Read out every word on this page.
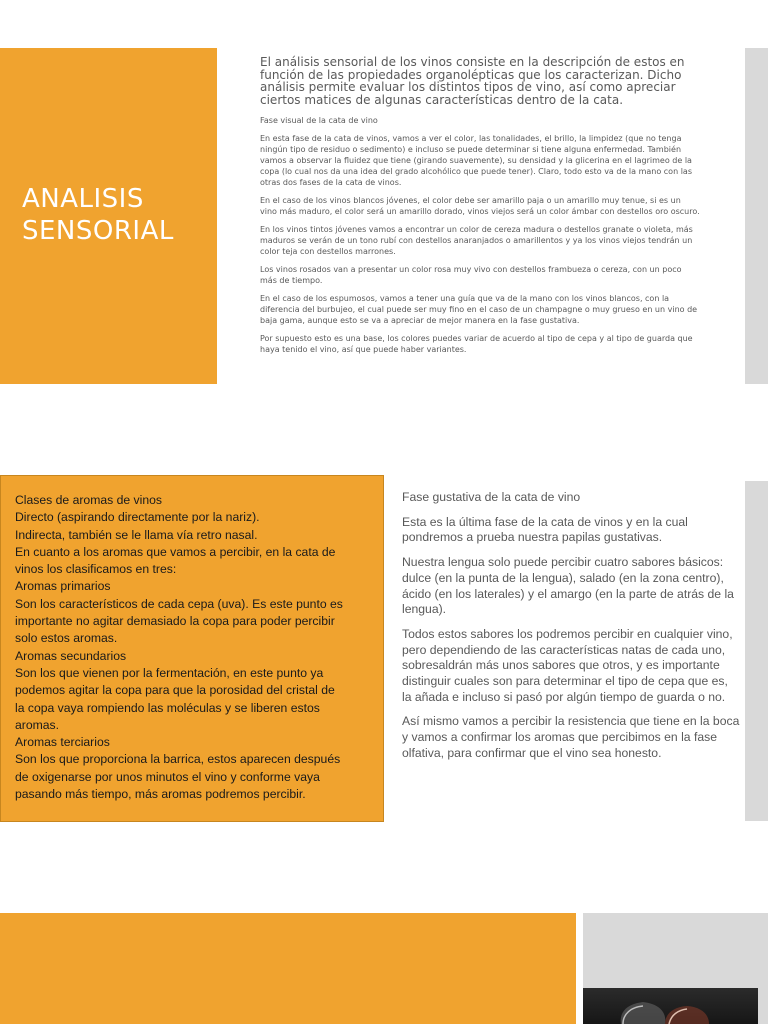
ANALISIS
SENSORIAL
El análisis sensorial de los vinos consiste en la descripción de estos en función de las propiedades organolépticas que los caracterizan. Dicho análisis permite evaluar los distintos tipos de vino, así como apreciar ciertos matices de algunas características dentro de la cata.
Fase visual de la cata de vino
En esta fase de la cata de vinos, vamos a ver el color, las tonalidades, el brillo, la limpidez (que no tenga ningún tipo de residuo o sedimento) e incluso se puede determinar si tiene alguna enfermedad. También vamos a observar la fluidez que tiene (girando suavemente), su densidad y la glicerina en el lagrimeo de la copa (lo cual nos da una idea del grado alcohólico que puede tener). Claro, todo esto va de la mano con las otras dos fases de la cata de vinos.
En el caso de los vinos blancos jóvenes, el color debe ser amarillo paja o un amarillo muy tenue, si es un vino más maduro, el color será un amarillo dorado, vinos viejos será un color ámbar con destellos oro oscuro.
En los vinos tintos jóvenes vamos a encontrar un color de cereza madura o destellos granate o violeta, más maduros se verán de un tono rubí con destellos anaranjados o amarillentos y ya los vinos viejos tendrán un color teja con destellos marrones.
Los vinos rosados van a presentar un color rosa muy vivo con destellos frambueza o cereza, con un poco más de tiempo.
En el caso de los espumosos, vamos a tener una guía que va de la mano con los vinos blancos, con la diferencia del burbujeo, el cual puede ser muy fino en el caso de un champagne o muy grueso en un vino de baja gama, aunque esto se va a apreciar de mejor manera en la fase gustativa.
Por supuesto esto es una base, los colores puedes variar de acuerdo al tipo de cepa y al tipo de guarda que haya tenido el vino, así que puede haber variantes.
Clases de aromas de vinos
Directo (aspirando directamente por la nariz).
Indirecta, también se le llama vía retro nasal.
En cuanto a los aromas que vamos a percibir, en la cata de
vinos los clasificamos en tres:
Aromas primarios
Son los característicos de cada cepa (uva). Es este punto es
importante no agitar demasiado la copa para poder percibir
solo estos aromas.
Aromas secundarios
Son los que vienen por la fermentación, en este punto ya
podemos agitar la copa para que la porosidad del cristal de
la copa vaya rompiendo las moléculas y se liberen estos
aromas.
Aromas terciarios
Son los que proporciona la barrica, estos aparecen después
de oxigenarse por unos minutos el vino y conforme vaya
pasando más tiempo, más aromas podremos percibir.
Fase gustativa de la cata de vino
Esta es la última fase de la cata de vinos y en la cual pondremos a prueba nuestra papilas gustativas.
Nuestra lengua solo puede percibir cuatro sabores básicos: dulce (en la punta de la lengua), salado (en la zona centro), ácido (en los laterales) y el amargo (en la parte de atrás de la lengua).
Todos estos sabores los podremos percibir en cualquier vino, pero dependiendo de las características natas de cada uno, sobresaldrán más unos sabores que otros, y es importante distinguir cuales son para determinar el tipo de cepa que es, la añada e incluso si pasó por algún tiempo de guarda o no.
Así mismo vamos a percibir la resistencia que tiene en la boca y vamos a confirmar los aromas que percibimos en la fase olfativa, para confirmar que el vino sea honesto.
